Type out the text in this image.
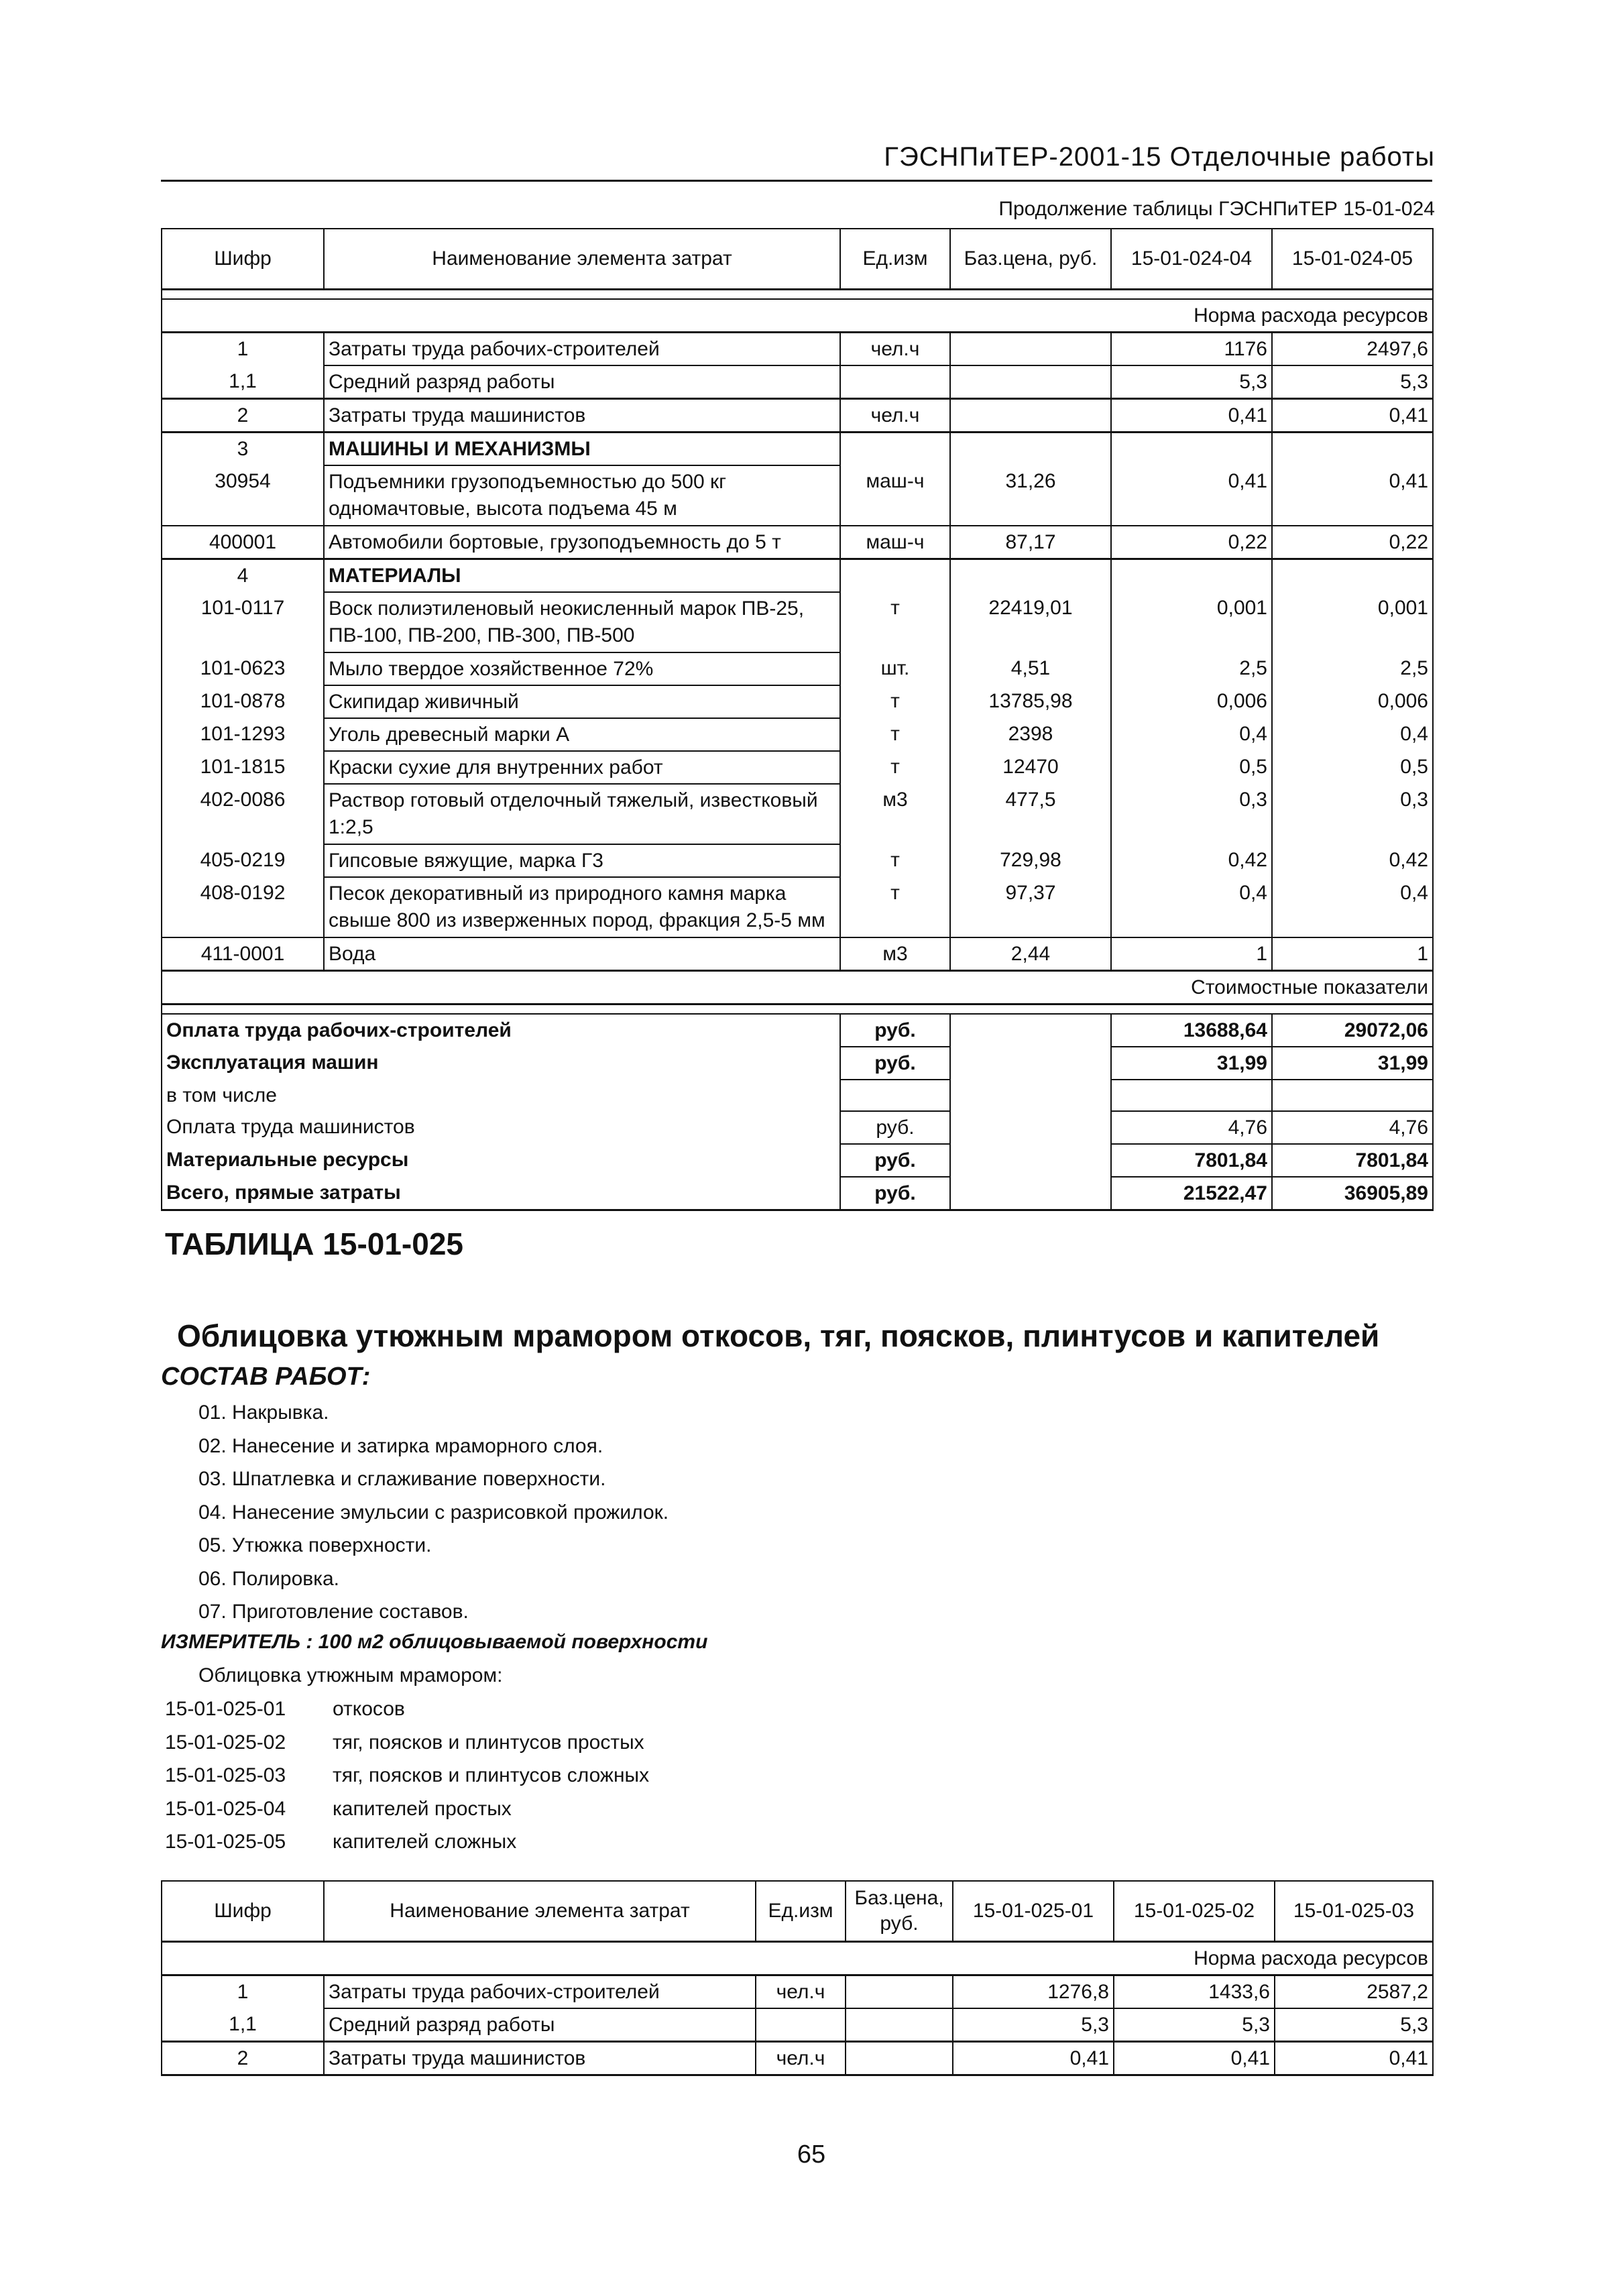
ГЭСНПиТЕР-2001-15 Отделочные работы
Продолжение таблицы ГЭСНПиТЕР 15-01-024
Шифр	Наименование элемента затрат	Ед.изм	Баз.цена, руб.	15-01-024-04	15-01-024-05

Норма расхода ресурсов					
1	Затраты труда рабочих-строителей	чел.ч		1176	2497,6
1,1	Средний разряд работы			5,3	5,3
2	Затраты труда машинистов	чел.ч		0,41	0,41
3	МАШИНЫ И МЕХАНИЗМЫ				
30954	Подъемники грузоподъемностью до 500 кг одномачтовые, высота подъема 45 м	маш-ч	31,26	0,41	0,41
400001	Автомобили бортовые, грузоподъемность до 5 т	маш-ч	87,17	0,22	0,22
4	МАТЕРИАЛЫ				
101-0117	Воск полиэтиленовый неокисленный марок ПВ-25, ПВ-100, ПВ-200, ПВ-300, ПВ-500	т	22419,01	0,001	0,001
101-0623	Мыло твердое хозяйственное 72%	шт.	4,51	2,5	2,5
101-0878	Скипидар живичный	т	13785,98	0,006	0,006
101-1293	Уголь древесный марки А	т	2398	0,4	0,4
101-1815	Краски сухие для внутренних работ	т	12470	0,5	0,5
402-0086	Раствор готовый отделочный тяжелый, известковый 1:2,5	м3	477,5	0,3	0,3
405-0219	Гипсовые вяжущие, марка Г3	т	729,98	0,42	0,42
408-0192	Песок декоративный из природного камня марка свыше 800 из изверженных пород, фракция 2,5-5 мм	т	97,37	0,4	0,4
411-0001	Вода	м3	2,44	1	1
Стоимостные показатели					

Оплата труда рабочих-строителей		руб.		13688,64	29072,06
Эксплуатация машин		руб.		31,99	31,99
в том числе					
Оплата труда машинистов		руб.		4,76	4,76
Материальные ресурсы		руб.		7801,84	7801,84
Всего, прямые затраты		руб.		21522,47	36905,89
ТАБЛИЦА 15-01-025
Облицовка утюжным мрамором откосов, тяг, поясков, плинтусов и капителей
СОСТАВ РАБОТ:
01. Накрывка.
02. Нанесение и затирка мраморного слоя.
03. Шпатлевка и сглаживание поверхности.
04. Нанесение эмульсии с разрисовкой прожилок.
05. Утюжка поверхности.
06. Полировка.
07. Приготовление составов.
ИЗМЕРИТЕЛЬ : 100 м2 облицовываемой поверхности
Облицовка утюжным мрамором:
15-01-025-01	откосов
15-01-025-02	тяг, поясков и плинтусов простых
15-01-025-03	тяг, поясков и плинтусов сложных
15-01-025-04	капителей простых
15-01-025-05	капителей сложных
Шифр	Наименование элемента затрат	Ед.изм	Баз.цена, руб.	15-01-025-01	15-01-025-02	15-01-025-03
Норма расхода ресурсов						
1	Затраты труда рабочих-строителей	чел.ч		1276,8	1433,6	2587,2
1,1	Средний разряд работы			5,3	5,3	5,3
2	Затраты труда машинистов	чел.ч		0,41	0,41	0,41
65
